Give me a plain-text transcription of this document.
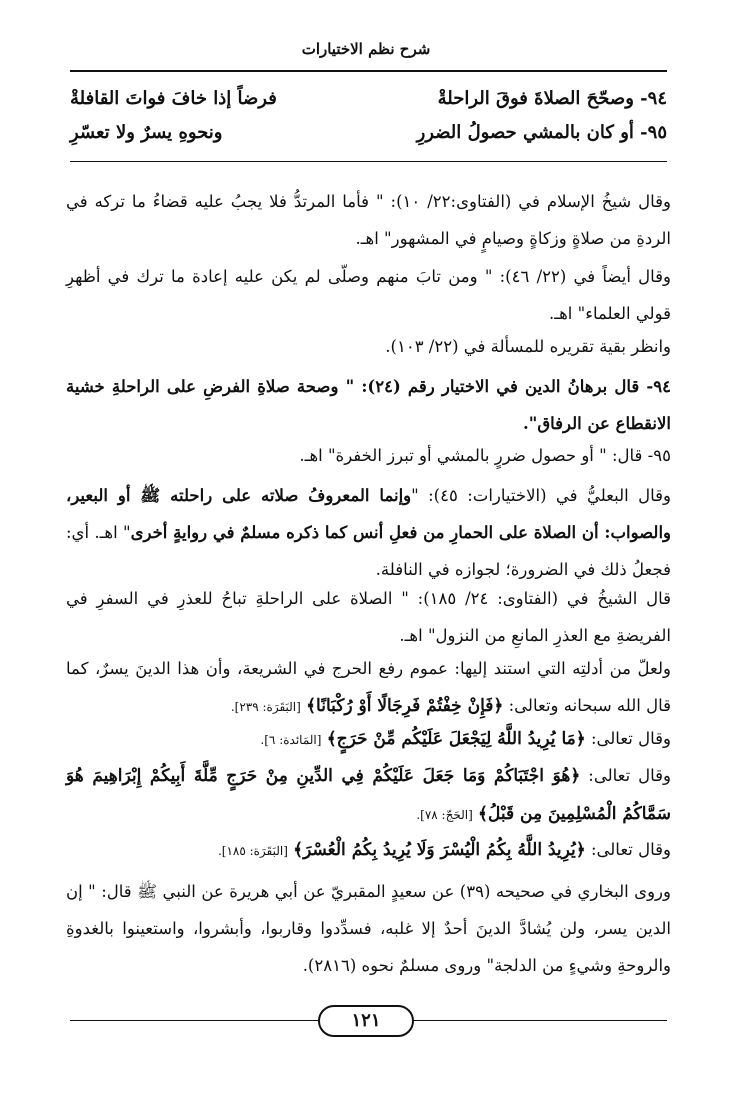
شرح نظم الاختيارات
٩٤- وصحّحَ الصلاةَ فوقَ الراحلةْ
فرضاً إذا خافَ فواتَ القافلةْ
٩٥- أو كان بالمشي حصولُ الضررِ
ونحوهِ يسرٌ ولا تعسّرِ
وقال شيخُ الإسلام في (الفتاوى:٢٢/ ١٠): " فأما المرتدُّ فلا يجبُ عليه قضاءُ ما تركه في الردةِ من صلاةٍ وزكاةٍ وصيامٍ في المشهور" اهـ.
وقال أيضاً في (٢٢/ ٤٦): " ومن تابَ منهم وصلّى لم يكن عليه إعادة ما ترك في أظهرِ قولي العلماء" اهـ.
وانظر بقية تقريره للمسألة في (٢٢/ ١٠٣).
٩٤- قال برهانُ الدين في الاختيار رقم (٢٤): " وصحة صلاةِ الفرضِ على الراحلةِ خشية الانقطاع عن الرفاق".
٩٥- قال: " أو حصول ضررٍ بالمشي أو تبرز الخفرة" اهـ.
وقال البعليُّ في (الاختيارات: ٤٥): "وإنما المعروفُ صلاته على راحلته ﷺ أو البعير، والصواب: أن الصلاة على الحمارِ من فعلِ أنس كما ذكره مسلمٌ في روايةٍ أخرى" اهـ. أي: فجعلُ ذلك في الضرورة؛ لجوازه في النافلة.
قال الشيخُ في (الفتاوى: ٢٤/ ١٨٥): " الصلاة على الراحلةِ تباحُ للعذرِ في السفرِ في الفريضةِ مع العذرِ المانعِ من النزول" اهـ.
ولعلّ من أدلتِه التي استند إليها: عموم رفع الحرج في الشريعة، وأن هذا الدينَ يسرٌ، كما قال الله سبحانه وتعالى: ﴿فَإِنْ خِفْتُمْ فَرِجَالًا أَوْ رُكْبَانًا﴾ [البَقَرَة: ٢٣٩].
وقال تعالى: ﴿مَا يُرِيدُ اللَّهُ لِيَجْعَلَ عَلَيْكُم مِّنْ حَرَجٍ﴾ [المَائدة: ٦].
وقال تعالى: ﴿هُوَ اجْتَبَاكُمْ وَمَا جَعَلَ عَلَيْكُمْ فِي الدِّينِ مِنْ حَرَجٍ مِّلَّةَ أَبِيكُمْ إِبْرَاهِيمَ هُوَ سَمَّاكُمُ الْمُسْلِمِينَ مِن قَبْلُ﴾ [الحَجّ: ٧٨].
وقال تعالى: ﴿يُرِيدُ اللَّهُ بِكُمُ الْيُسْرَ وَلَا يُرِيدُ بِكُمُ الْعُسْرَ﴾ [البَقَرَة: ١٨٥].
وروى البخاري في صحيحه (٣٩) عن سعيدٍ المقبريّ عن أبي هريرة عن النبي ﷺ قال: " إن الدين يسر، ولن يُشادَّ الدينَ أحدٌ إلا غلبه، فسدِّدوا وقاربوا، وأبشروا، واستعينوا بالغدوةِ والروحةِ وشيءٍ من الدلجة" وروى مسلمٌ نحوه (٢٨١٦).
١٢١
